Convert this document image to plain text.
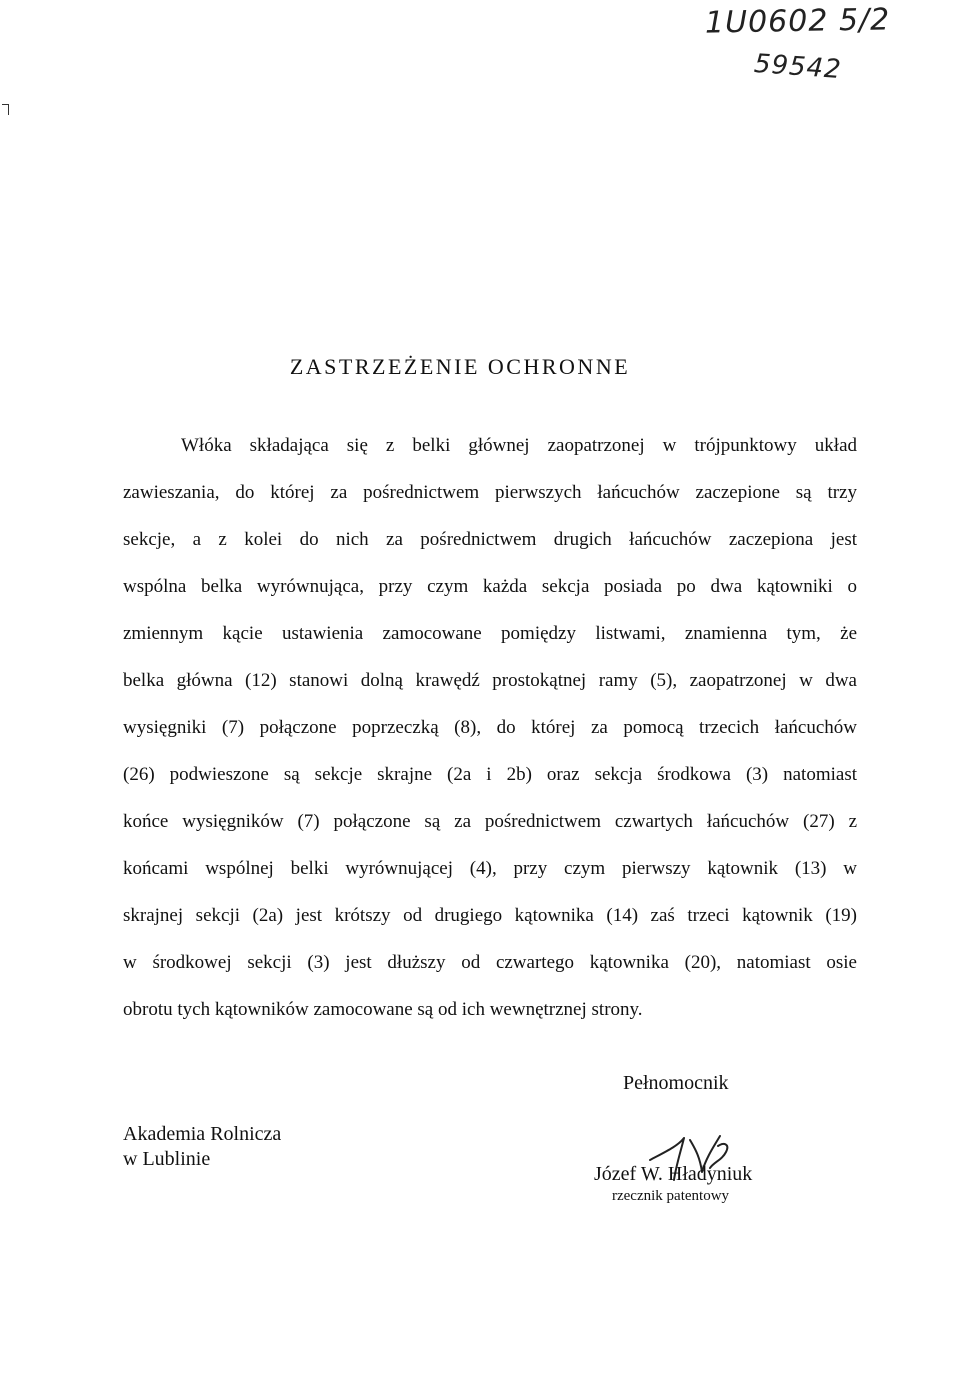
1U0602 5/2
59542
ZASTRZEŻENIE OCHRONNE
Włóka składająca się z belki głównej zaopatrzonej w trójpunktowy układ
zawieszania, do której za pośrednictwem pierwszych łańcuchów zaczepione są trzy
sekcje, a z kolei do nich za pośrednictwem drugich łańcuchów zaczepiona jest
wspólna belka wyrównująca, przy czym każda sekcja posiada po dwa kątowniki o
zmiennym kącie ustawienia zamocowane pomiędzy listwami, znamienna tym, że
belka główna (12) stanowi dolną krawędź prostokątnej ramy (5), zaopatrzonej w dwa
wysięgniki (7) połączone poprzeczką (8), do której za pomocą trzecich łańcuchów
(26) podwieszone są sekcje skrajne (2a i 2b) oraz sekcja środkowa (3) natomiast
końce wysięgników (7) połączone są za pośrednictwem czwartych łańcuchów (27) z
końcami wspólnej belki wyrównującej (4), przy czym pierwszy kątownik (13) w
skrajnej sekcji (2a) jest krótszy od drugiego kątownika (14) zaś trzeci kątownik (19)
w środkowej sekcji (3) jest dłuższy od czwartego kątownika (20), natomiast osie
obrotu tych kątowników zamocowane są od ich wewnętrznej strony.
Pełnomocnik
Akademia Rolnicza
w Lublinie
Józef W. Hładyniuk
rzecznik patentowy
